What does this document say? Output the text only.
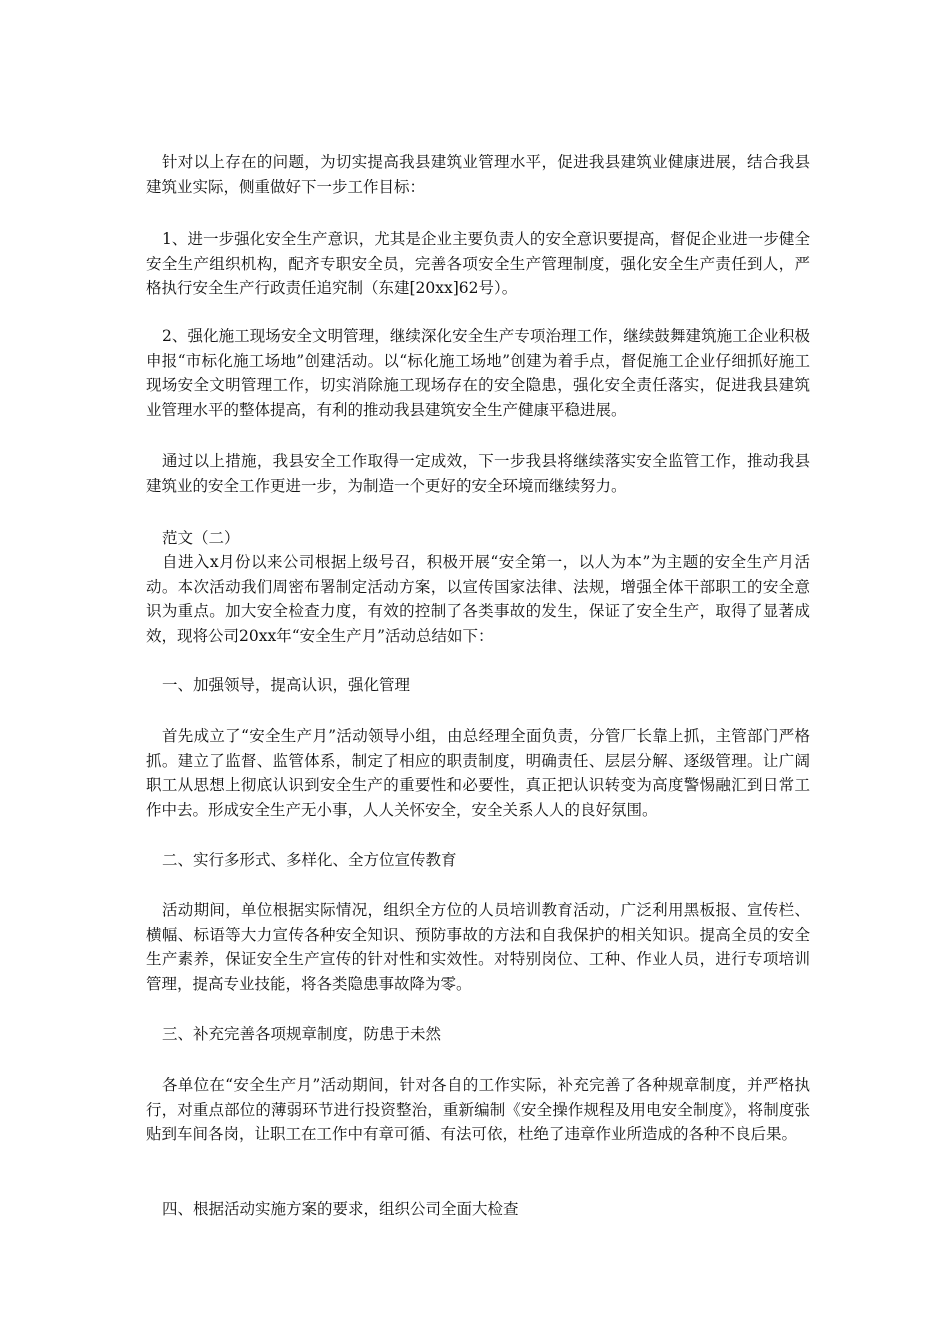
针对以上存在的问题，为切实提高我县建筑业管理水平，促进我县建筑业健康进展，结合我县建筑业实际，侧重做好下一步工作目标：

1、进一步强化安全生产意识，尤其是企业主要负责人的安全意识要提高，督促企业进一步健全安全生产组织机构，配齐专职安全员，完善各项安全生产管理制度，强化安全生产责任到人，严格执行安全生产行政责任追究制（东建[20xx]62号）。

2、强化施工现场安全文明管理，继续深化安全生产专项治理工作，继续鼓舞建筑施工企业积极申报“市标化施工场地”创建活动。以“标化施工场地”创建为着手点，督促施工企业仔细抓好施工现场安全文明管理工作，切实消除施工现场存在的安全隐患，强化安全责任落实，促进我县建筑业管理水平的整体提高，有利的推动我县建筑安全生产健康平稳进展。

通过以上措施，我县安全工作取得一定成效，下一步我县将继续落实安全监管工作，推动我县建筑业的安全工作更进一步，为制造一个更好的安全环境而继续努力。

范文（二）

自进入x月份以来公司根据上级号召，积极开展“安全第一，以人为本”为主题的安全生产月活动。本次活动我们周密布署制定活动方案，以宣传国家法律、法规，增强全体干部职工的安全意识为重点。加大安全检查力度，有效的控制了各类事故的发生，保证了安全生产，取得了显著成效，现将公司20xx年“安全生产月”活动总结如下：

一、加强领导，提高认识，强化管理

首先成立了“安全生产月”活动领导小组，由总经理全面负责，分管厂长靠上抓，主管部门严格抓。建立了监督、监管体系，制定了相应的职责制度，明确责任、层层分解、逐级管理。让广阔职工从思想上彻底认识到安全生产的重要性和必要性，真正把认识转变为高度警惕融汇到日常工作中去。形成安全生产无小事，人人关怀安全，安全关系人人的良好氛围。

二、实行多形式、多样化、全方位宣传教育

活动期间，单位根据实际情况，组织全方位的人员培训教育活动，广泛利用黑板报、宣传栏、横幅、标语等大力宣传各种安全知识、预防事故的方法和自我保护的相关知识。提高全员的安全生产素养，保证安全生产宣传的针对性和实效性。对特别岗位、工种、作业人员，进行专项培训管理，提高专业技能，将各类隐患事故降为零。

三、补充完善各项规章制度，防患于未然

各单位在“安全生产月”活动期间，针对各自的工作实际，补充完善了各种规章制度，并严格执行，对重点部位的薄弱环节进行投资整治，重新编制《安全操作规程及用电安全制度》，将制度张贴到车间各岗，让职工在工作中有章可循、有法可依，杜绝了违章作业所造成的各种不良后果。

四、根据活动实施方案的要求，组织公司全面大检查
